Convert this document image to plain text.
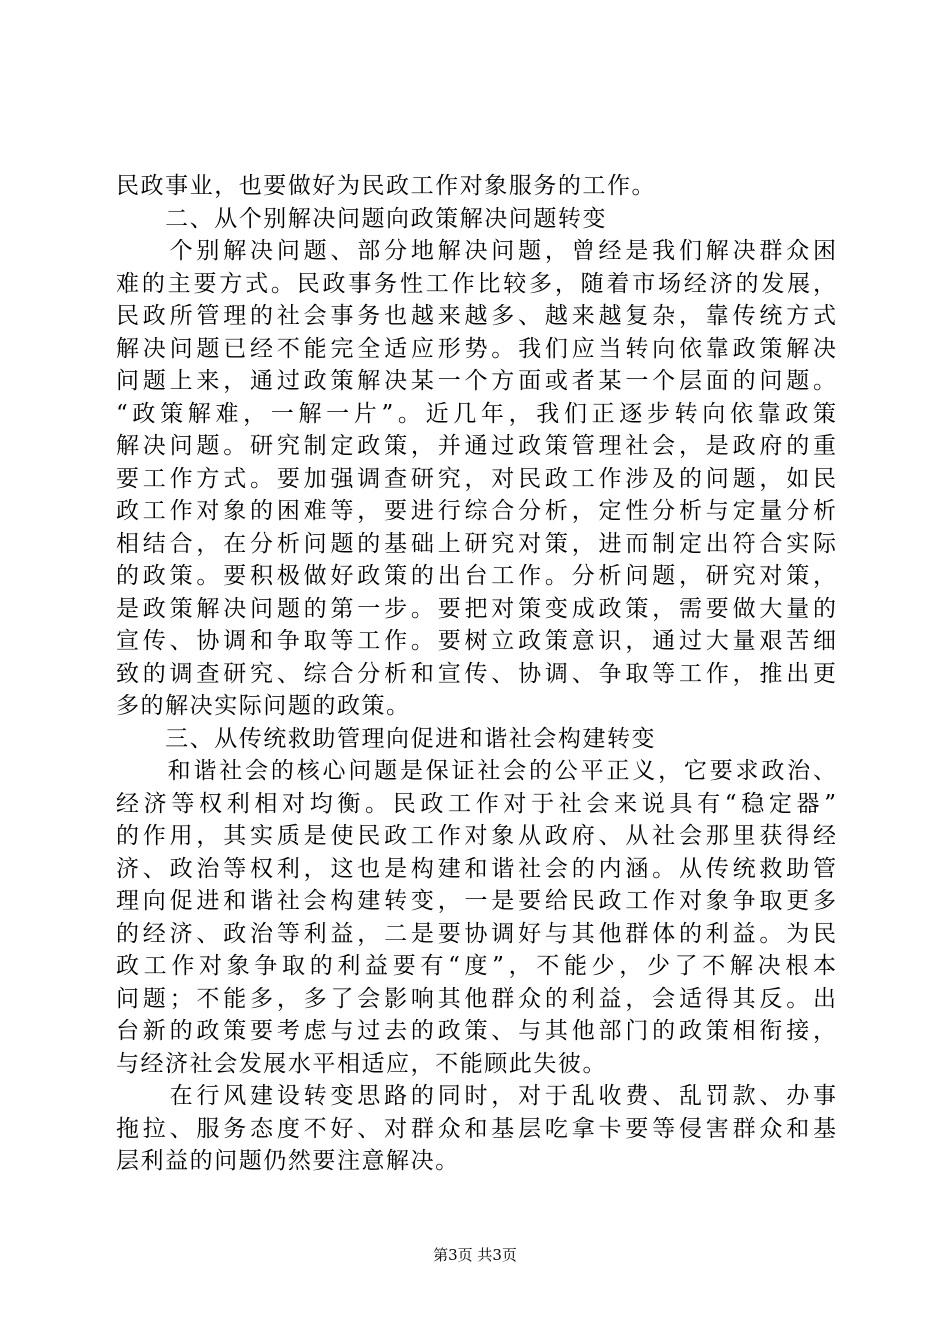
民政事业，也要做好为民政工作对象服务的工作。
　　二、从个别解决问题向政策解决问题转变
　　个别解决问题、部分地解决问题，曾经是我们解决群众困
难的主要方式。民政事务性工作比较多，随着市场经济的发展，
民政所管理的社会事务也越来越多、越来越复杂，靠传统方式
解决问题已经不能完全适应形势。我们应当转向依靠政策解决
问题上来，通过政策解决某一个方面或者某一个层面的问题。
“政策解难，一解一片”。近几年，我们正逐步转向依靠政策
解决问题。研究制定政策，并通过政策管理社会，是政府的重
要工作方式。要加强调查研究，对民政工作涉及的问题，如民
政工作对象的困难等，要进行综合分析，定性分析与定量分析
相结合，在分析问题的基础上研究对策，进而制定出符合实际
的政策。要积极做好政策的出台工作。分析问题，研究对策，
是政策解决问题的第一步。要把对策变成政策，需要做大量的
宣传、协调和争取等工作。要树立政策意识，通过大量艰苦细
致的调查研究、综合分析和宣传、协调、争取等工作，推出更
多的解决实际问题的政策。
　　三、从传统救助管理向促进和谐社会构建转变
　　和谐社会的核心问题是保证社会的公平正义，它要求政治、
经济等权利相对均衡。民政工作对于社会来说具有“稳定器”
的作用，其实质是使民政工作对象从政府、从社会那里获得经
济、政治等权利，这也是构建和谐社会的内涵。从传统救助管
理向促进和谐社会构建转变，一是要给民政工作对象争取更多
的经济、政治等利益，二是要协调好与其他群体的利益。为民
政工作对象争取的利益要有“度”，不能少，少了不解决根本
问题；不能多，多了会影响其他群众的利益，会适得其反。出
台新的政策要考虑与过去的政策、与其他部门的政策相衔接，
与经济社会发展水平相适应，不能顾此失彼。
　　在行风建设转变思路的同时，对于乱收费、乱罚款、办事
拖拉、服务态度不好、对群众和基层吃拿卡要等侵害群众和基
层利益的问题仍然要注意解决。
第3页 共3页
